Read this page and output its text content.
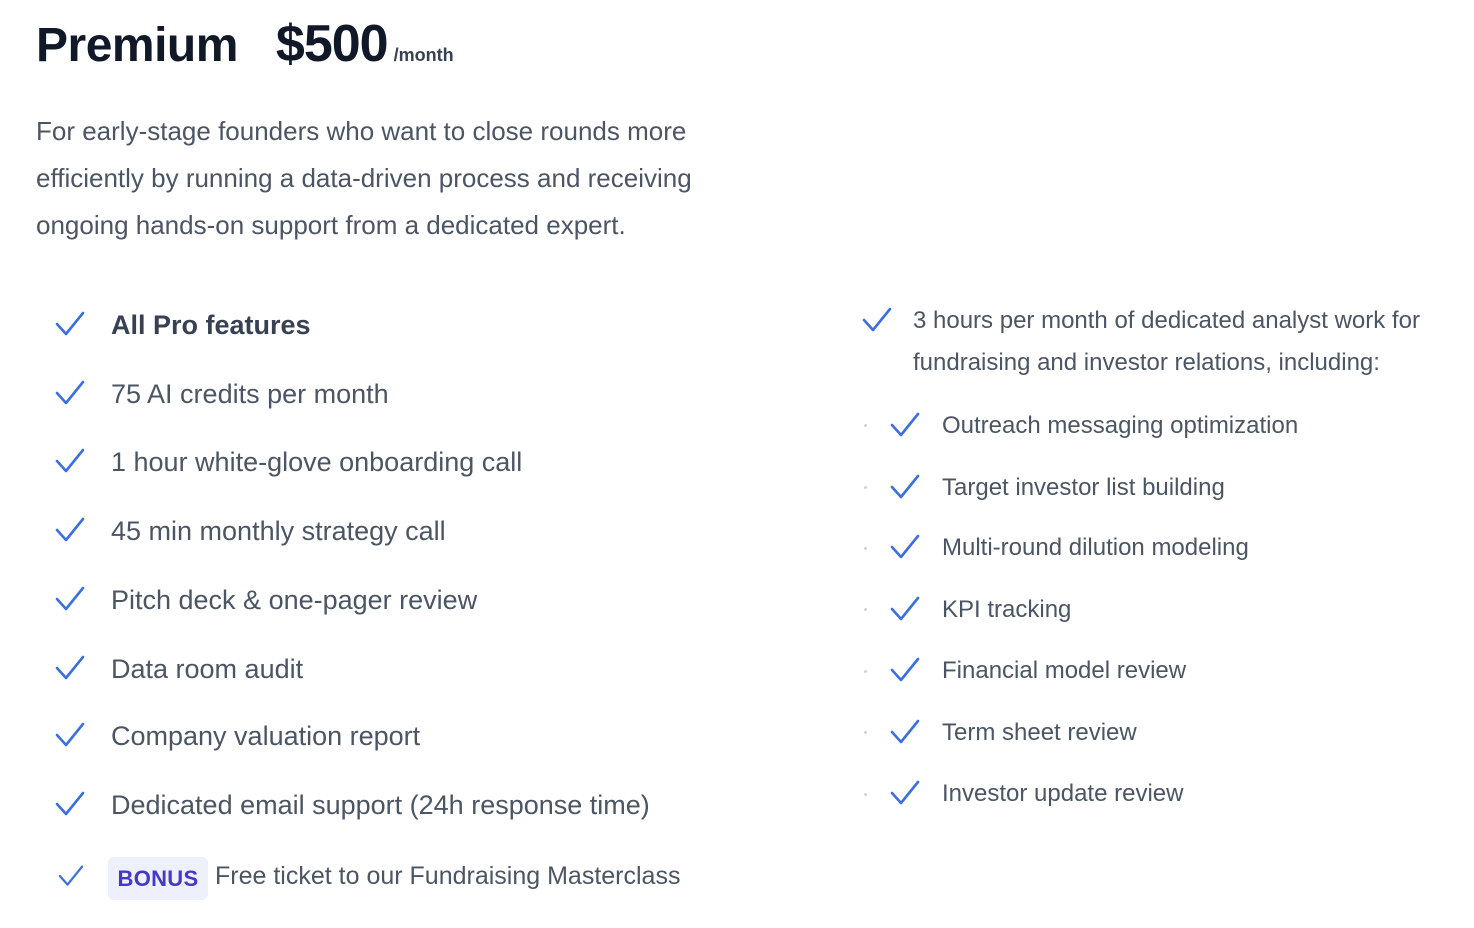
Premium $500 /month
For early-stage founders who want to close rounds more efficiently by running a data-driven process and receiving ongoing hands-on support from a dedicated expert.
All Pro features
75 AI credits per month
1 hour white-glove onboarding call
45 min monthly strategy call
Pitch deck & one-pager review
Data room audit
Company valuation report
Dedicated email support (24h response time)
BONUS Free ticket to our Fundraising Masterclass
3 hours per month of dedicated analyst work for fundraising and investor relations, including:
Outreach messaging optimization
Target investor list building
Multi-round dilution modeling
KPI tracking
Financial model review
Term sheet review
Investor update review
